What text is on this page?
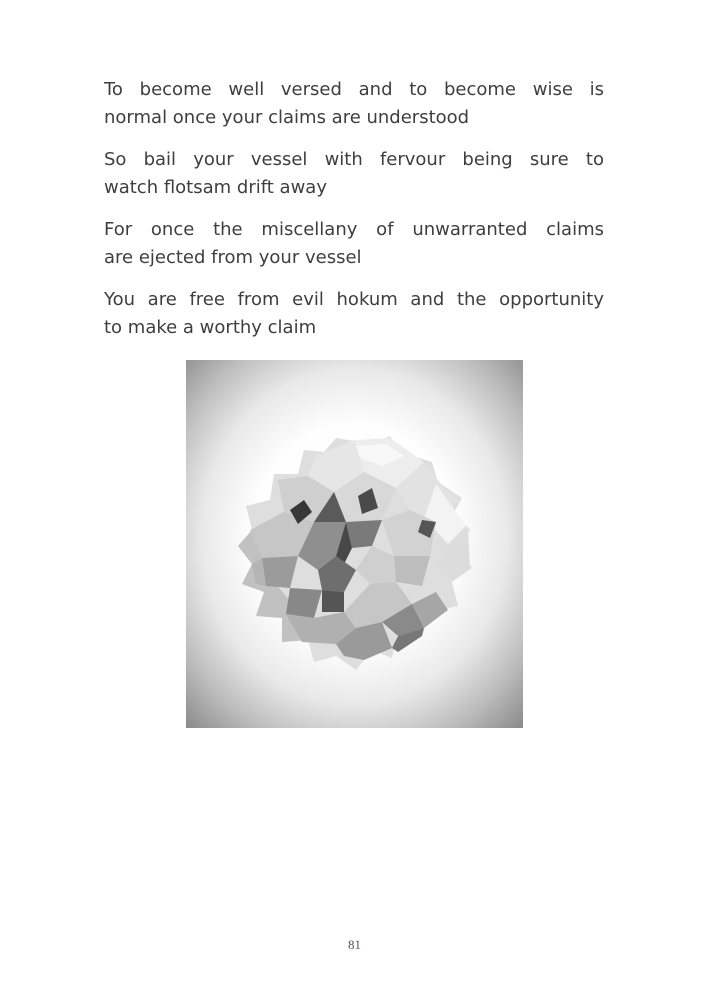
To become well versed and to become wise is
normal once your claims are understood

So bail your vessel with fervour being sure to
watch flotsam drift away

For once the miscellany of unwarranted claims
are ejected from your vessel

You are free from evil hokum and the opportunity
to make a worthy claim

81
